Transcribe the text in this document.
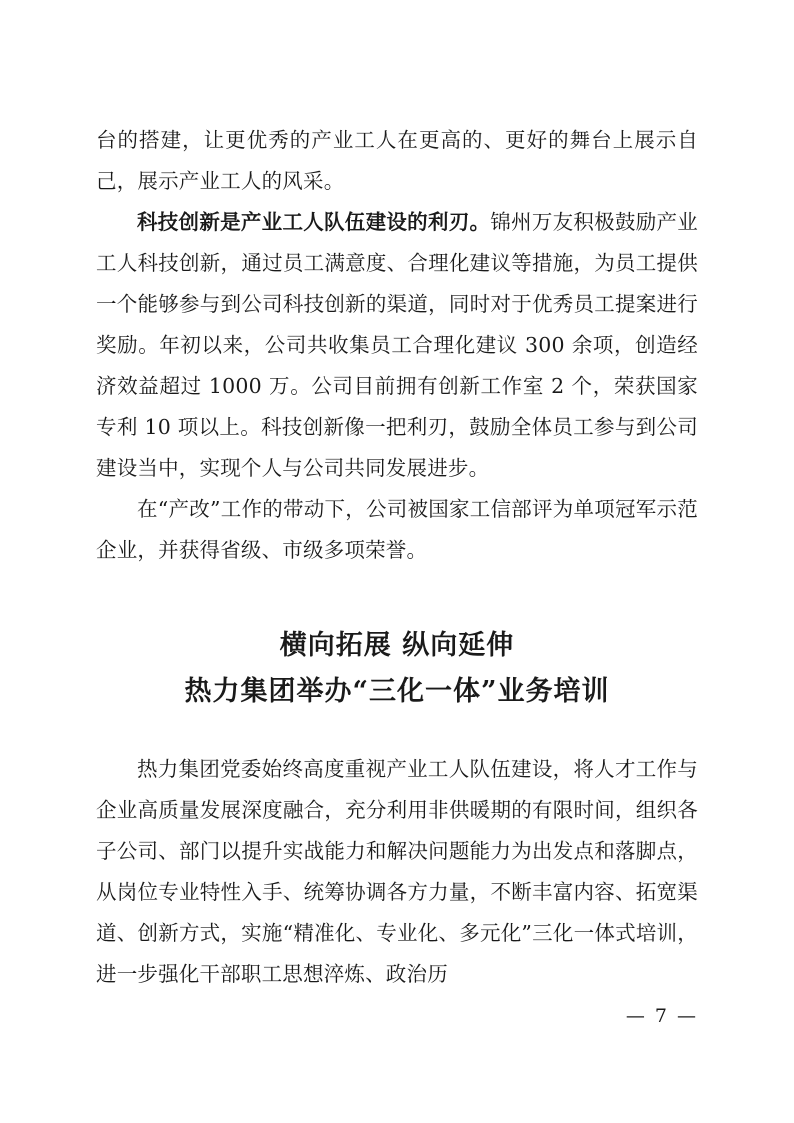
台的搭建，让更优秀的产业工人在更高的、更好的舞台上展示自己，展示产业工人的风采。

科技创新是产业工人队伍建设的利刃。锦州万友积极鼓励产业工人科技创新，通过员工满意度、合理化建议等措施，为员工提供一个能够参与到公司科技创新的渠道，同时对于优秀员工提案进行奖励。年初以来，公司共收集员工合理化建议 300 余项，创造经济效益超过 1000 万。公司目前拥有创新工作室 2 个，荣获国家专利 10 项以上。科技创新像一把利刃，鼓励全体员工参与到公司建设当中，实现个人与公司共同发展进步。

在“产改”工作的带动下，公司被国家工信部评为单项冠军示范企业，并获得省级、市级多项荣誉。

横向拓展 纵向延伸
热力集团举办“三化一体”业务培训

热力集团党委始终高度重视产业工人队伍建设，将人才工作与企业高质量发展深度融合，充分利用非供暖期的有限时间，组织各子公司、部门以提升实战能力和解决问题能力为出发点和落脚点，从岗位专业特性入手、统筹协调各方力量，不断丰富内容、拓宽渠道、创新方式，实施“精准化、专业化、多元化”三化一体式培训，进一步强化干部职工思想淬炼、政治历

— 7 —
